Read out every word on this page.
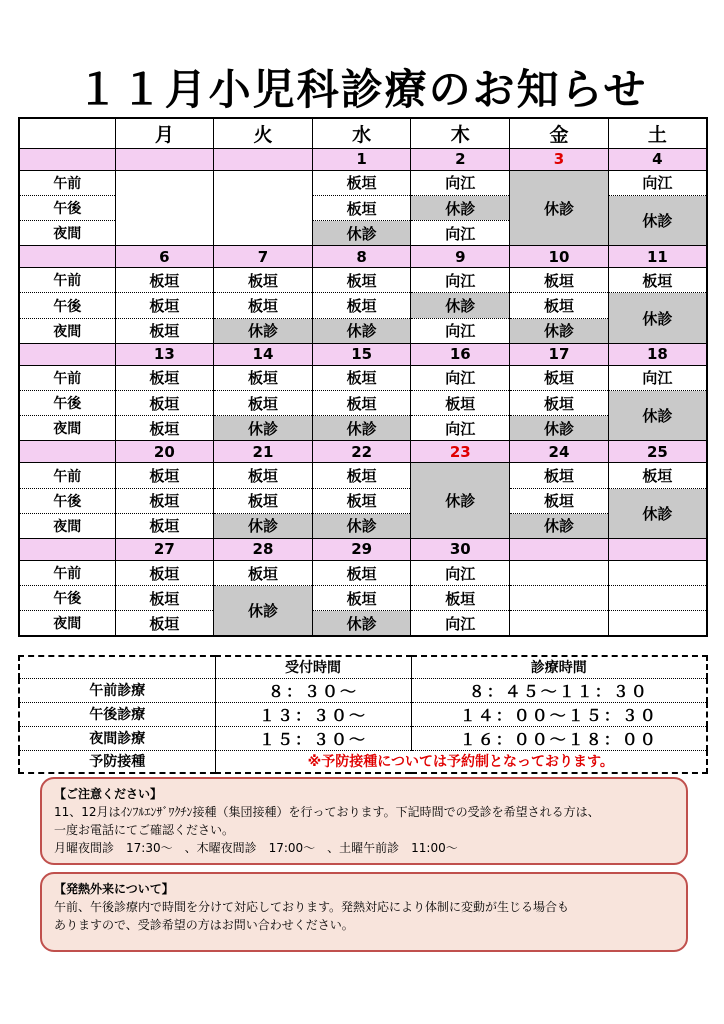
１１月小児科診療のお知らせ
	月	火	水	木	金	土
			1	2	3	4
午前			板垣	向江	休診	向江
午後			板垣	休診		休診
夜間			休診	向江		
	6	7	8	9	10	11
午前	板垣	板垣	板垣	向江	板垣	板垣
午後	板垣	板垣	板垣	休診	板垣	休診
夜間	板垣	休診	休診	向江	休診	
	13	14	15	16	17	18
午前	板垣	板垣	板垣	向江	板垣	向江
午後	板垣	板垣	板垣	板垣	板垣	休診
夜間	板垣	休診	休診	向江	休診	
	20	21	22	23	24	25
午前	板垣	板垣	板垣	休診	板垣	板垣
午後	板垣	板垣	板垣		板垣	休診
夜間	板垣	休診	休診		休診	
	27	28	29	30		
午前	板垣	板垣	板垣	向江		
午後	板垣	休診	板垣	板垣		
夜間	板垣		休診	向江		
	受付時間	診療時間
午前診療	８：３０～	８：４５～１１：３０
午後診療	１３：３０～	１４：００～１５：３０
夜間診療	１５：３０～	１６：００～１８：００
予防接種	※予防接種については予約制となっております。	

【ご注意ください】

11、12月はｲﾝﾌﾙｴﾝｻﾞﾜｸﾁﾝ接種（集団接種）を行っております。下記時間での受診を希望される方は、

一度お電話にてご確認ください。

月曜夜間診　17:30～　、木曜夜間診　17:00～　、土曜午前診　11:00～

【発熱外来について】

午前、午後診療内で時間を分けて対応しております。発熱対応により体制に変動が生じる場合も

ありますので、受診希望の方はお問い合わせください。
